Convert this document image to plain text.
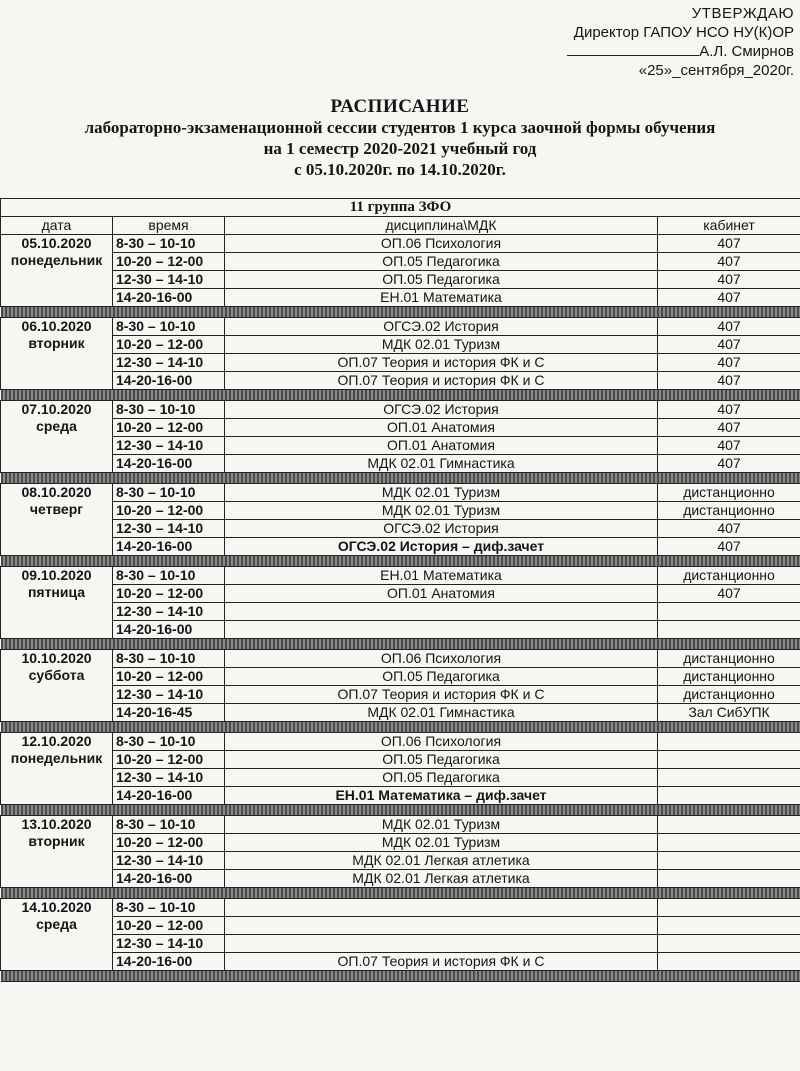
УТВЕРЖДАЮ
Директор ГАПОУ НСО НУ(К)ОР
А.Л. Смирнов
«25»_сентября_2020г.
РАСПИСАНИЕ
лабораторно-экзаменационной сессии студентов 1 курса заочной формы обучения
на 1 семестр 2020-2021 учебный год
с 05.10.2020г. по 14.10.2020г.
11 группа ЗФО			
дата	время	дисциплина\МДК	кабинет

05.10.2020
понедельник	8-30 – 10-10	ОП.06 Психология	407
	10-20 – 12-00	ОП.05 Педагогика	407
	12-30 – 14-10	ОП.05 Педагогика	407
	14-20-16-00	ЕН.01 Математика	407

06.10.2020
вторник	8-30 – 10-10	ОГСЭ.02 История	407
	10-20 – 12-00	МДК 02.01 Туризм	407
	12-30 – 14-10	ОП.07 Теория и история ФК и С	407
	14-20-16-00	ОП.07 Теория и история ФК и С	407

07.10.2020
среда	8-30 – 10-10	ОГСЭ.02 История	407
	10-20 – 12-00	ОП.01 Анатомия	407
	12-30 – 14-10	ОП.01 Анатомия	407
	14-20-16-00	МДК 02.01 Гимнастика	407

08.10.2020
четверг	8-30 – 10-10	МДК 02.01 Туризм	дистанционно
	10-20 – 12-00	МДК 02.01 Туризм	дистанционно
	12-30 – 14-10	ОГСЭ.02 История	407
	14-20-16-00	ОГСЭ.02 История – диф.зачет	407

09.10.2020
пятница	8-30 – 10-10	ЕН.01 Математика	дистанционно
	10-20 – 12-00	ОП.01 Анатомия	407
	12-30 – 14-10		
	14-20-16-00		

10.10.2020
суббота	8-30 – 10-10	ОП.06 Психология	дистанционно
	10-20 – 12-00	ОП.05 Педагогика	дистанционно
	12-30 – 14-10	ОП.07 Теория и история ФК и С	дистанционно
	14-20-16-45	МДК 02.01 Гимнастика	Зал СибУПК

12.10.2020
понедельник	8-30 – 10-10	ОП.06 Психология	
	10-20 – 12-00	ОП.05 Педагогика	
	12-30 – 14-10	ОП.05 Педагогика	
	14-20-16-00	ЕН.01 Математика – диф.зачет	

13.10.2020
вторник	8-30 – 10-10	МДК 02.01 Туризм	
	10-20 – 12-00	МДК 02.01 Туризм	
	12-30 – 14-10	МДК 02.01 Легкая атлетика	
	14-20-16-00	МДК 02.01 Легкая атлетика	

14.10.2020
среда	8-30 – 10-10		
	10-20 – 12-00		
	12-30 – 14-10		
	14-20-16-00	ОП.07 Теория и история ФК и С	
